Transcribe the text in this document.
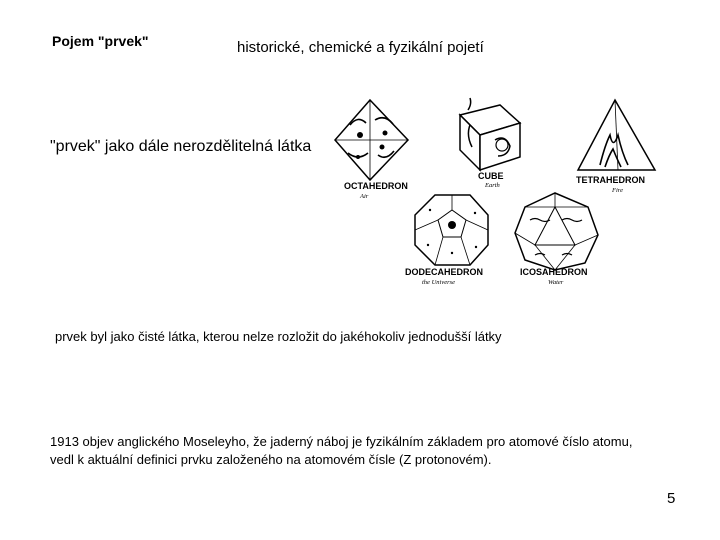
Pojem "prvek"	historické, chemické a fyzikální pojetí
OCTAHEDRON
Air
CUBE
Earth
TETRAHEDRON
Fire
DODECAHEDRON
the Universe
ICOSAHEDRON
Water
"prvek" jako dále nerozdělitelná látka
prvek byl jako čisté látka, kterou nelze rozložit do jakéhokoliv jednodušší látky
1913 objev anglického Moseleyho, že jaderný náboj je fyzikálním základem pro atomové číslo atomu,
vedl k aktuální definici prvku založeného na atomovém čísle (Z protonovém).
5
